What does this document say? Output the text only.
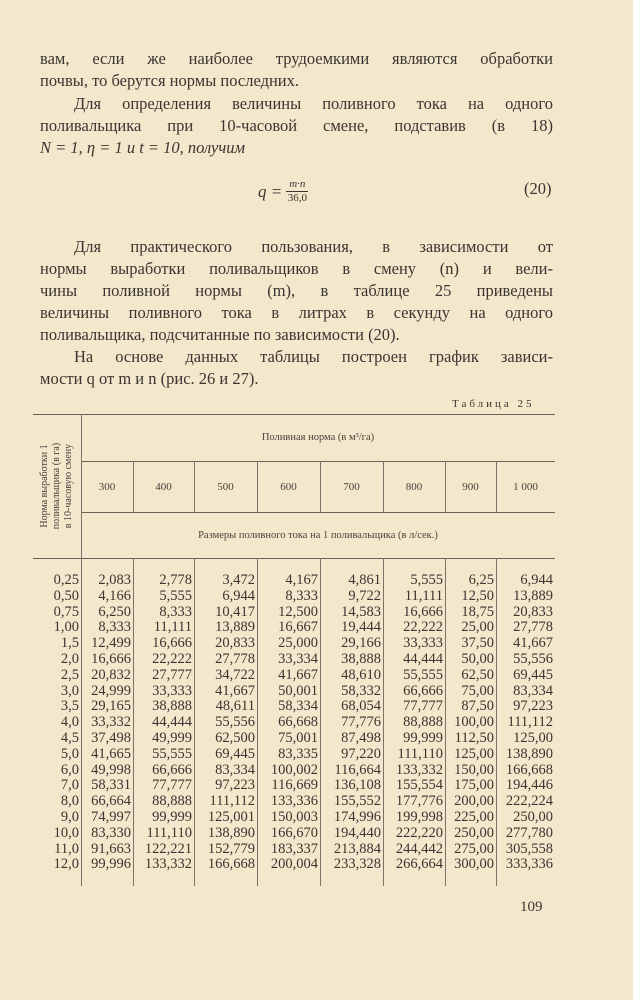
вам, если же наиболее трудоемкими являются обработки
почвы, то берутся нормы последних.
Для определения величины поливного тока на одного
поливальщика при 10-часовой смене, подставив (в 18)
N = 1, η = 1 и t = 10, получим
$q = \frac{m\cdot n}{36,0}$	(20)
Для практического пользования, в зависимости от
нормы выработки поливальщиков в смену (n) и вели-
чины поливной нормы (m), в таблице 25 приведены
величины поливного тока в литрах в секунду на одного
поливальщика, подсчитанные по зависимости (20).
На основе данных таблицы построен график зависи-
мости q от m и n (рис. 26 и 27).
Таблица 25
Норма выработки 1 поливальщика (в га) в 10-часовую смену
Поливная норма (в м³/га)
Размеры поливного тока на 1 поливальщика (в л/сек.)
300	400	500	600	700	800	900	1 000
0,25	2,083	2,778	3,472	4,167	4,861	5,555	6,25	6,944
0,50	4,166	5,555	6,944	8,333	9,722	11,111	12,50	13,889
0,75	6,250	8,333	10,417	12,500	14,583	16,666	18,75	20,833
1,00	8,333	11,111	13,889	16,667	19,444	22,222	25,00	27,778
1,5 12,499	16,666	20,833	25,000	29,166	33,333	37,50	41,667
2,0 16,666	22,222	27,778	33,334	38,888	44,444	50,00	55,556
2,5 20,832	27,777	34,722	41,667	48,610	55,555	62,50	69,445
3,0 24,999	33,333	41,667	50,001	58,332	66,666	75,00	83,334
3,5 29,165	38,888	48,611	58,334	68,054	77,777	87,50	97,223
4,0 33,332	44,444	55,556	66,668	77,776	88,888 100,00 111,112
4,5 37,498	49,999	62,500	75,001	87,498	99,999 112,50	125,00
5,0 41,665	55,555	69,445	83,335	97,220	111,110 125,00 138,890
6,0 49,998	66,666	83,334	100,002	116,664	133,332 150,00 166,668
7,0 58,331	77,777	97,223	116,669	136,108	155,554 175,00 194,446
8,0 66,664	88,888	111,112	133,336	155,552	177,776 200,00 222,224
9,0 74,997	99,999	125,001	150,003	174,996	199,998 225,00	250,00
10,0 83,330	111,110	138,890	166,670	194,440	222,220 250,00 277,780
11,0 91,663 122,221	152,779	183,337	213,884	244,442 275,00 305,558
12,0 99,996 133,332	166,668	200,004	233,328	266,664 300,00 333,336
109
